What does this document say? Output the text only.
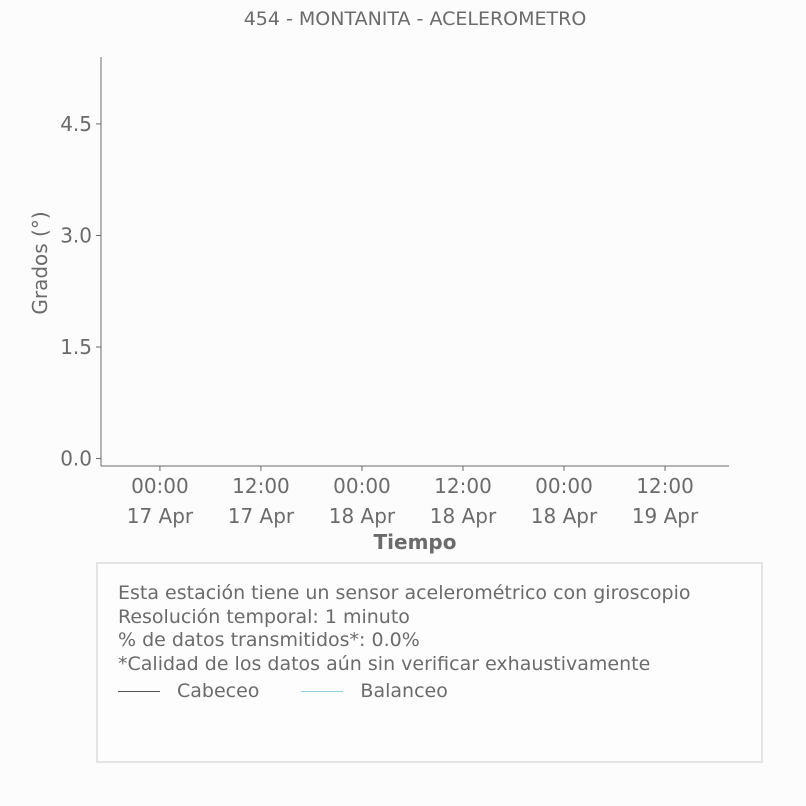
454 - MONTANITA - ACELEROMETRO
0.0
1.5
3.0
4.5
00:00
17 Apr
12:00
17 Apr
00:00
18 Apr
12:00
18 Apr
00:00
18 Apr
12:00
19 Apr
Grados (°)
Tiempo
Esta estación tiene un sensor acelerométrico con giroscopio
Resolución temporal: 1 minuto
% de datos transmitidos*: 0.0%
*Calidad de los datos aún sin verificar exhaustivamente
Cabeceo	Balanceo
